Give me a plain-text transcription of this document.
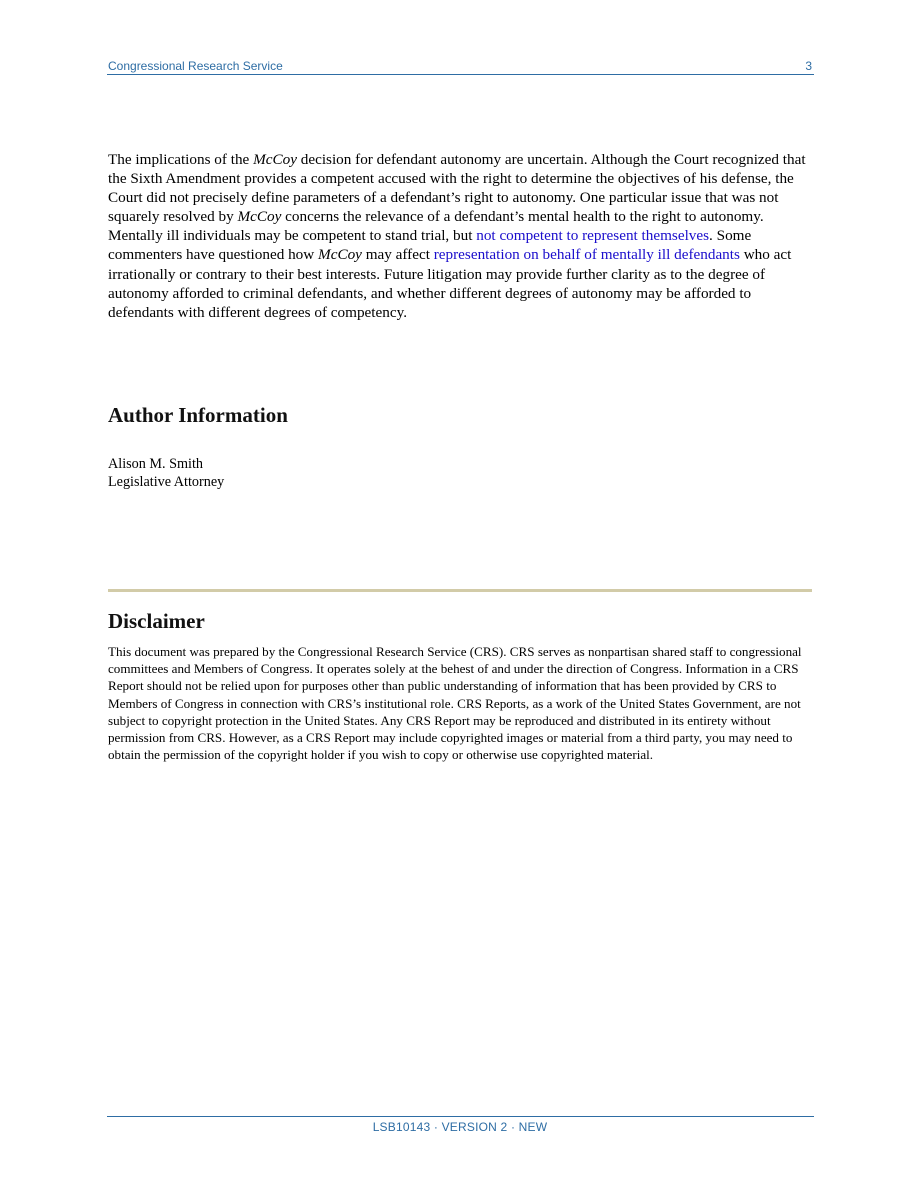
Congressional Research Service	3

The implications of the McCoy decision for defendant autonomy are uncertain. Although the Court recognized that the Sixth Amendment provides a competent accused with the right to determine the objectives of his defense, the Court did not precisely define parameters of a defendant’s right to autonomy. One particular issue that was not squarely resolved by McCoy concerns the relevance of a defendant’s mental health to the right to autonomy. Mentally ill individuals may be competent to stand trial, but not competent to represent themselves. Some commenters have questioned how McCoy may affect representation on behalf of mentally ill defendants who act irrationally or contrary to their best interests. Future litigation may provide further clarity as to the degree of autonomy afforded to criminal defendants, and whether different degrees of autonomy may be afforded to defendants with different degrees of competency.

Author Information
Alison M. Smith
Legislative Attorney
Disclaimer

This document was prepared by the Congressional Research Service (CRS). CRS serves as nonpartisan shared staff to congressional committees and Members of Congress. It operates solely at the behest of and under the direction of Congress. Information in a CRS Report should not be relied upon for purposes other than public understanding of information that has been provided by CRS to Members of Congress in connection with CRS’s institutional role. CRS Reports, as a work of the United States Government, are not subject to copyright protection in the United States. Any CRS Report may be reproduced and distributed in its entirety without permission from CRS. However, as a CRS Report may include copyrighted images or material from a third party, you may need to obtain the permission of the copyright holder if you wish to copy or otherwise use copyrighted material.

LSB10143 · VERSION 2 · NEW
